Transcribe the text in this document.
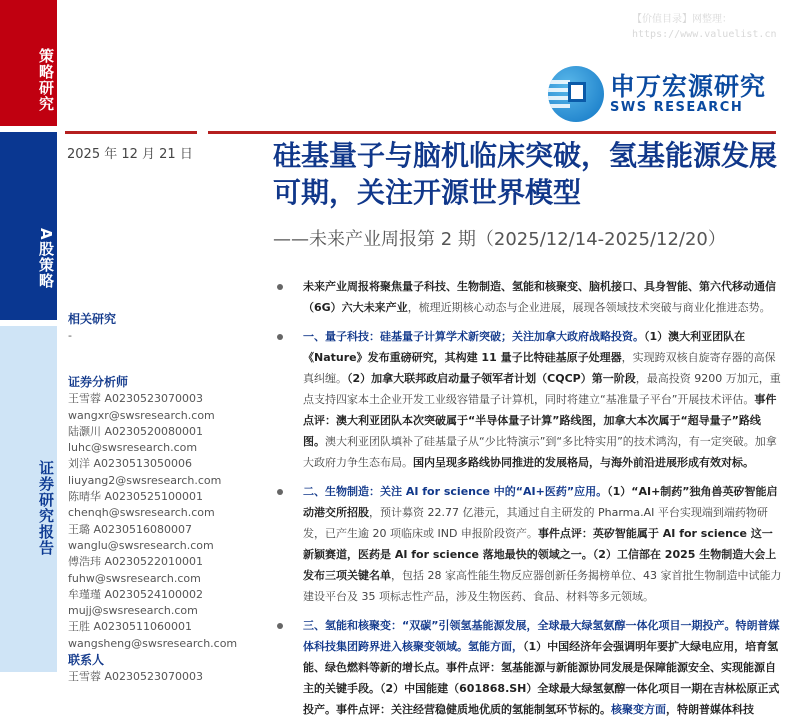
策略研究
A股策略
证券研究报告
【价值目录】网整理：
https://www.valuelist.cn
申万宏源研究
SWS RESEARCH
2025 年 12 月 21 日	硅基量子与脑机临床突破，氢基能源发展可期，关注开源世界模型
——未来产业周报第 2 期（2025/12/14-2025/12/20）
相关研究
-
证券分析师
王雪蓉 A0230523070003
wangxr@swsresearch.com
陆灏川 A0230520080001
luhc@swsresearch.com
刘洋 A0230513050006
liuyang2@swsresearch.com
陈晴华 A0230525100001
chenqh@swsresearch.com
王璐 A0230516080007
wanglu@swsresearch.com
傅浩玮 A0230522010001
fuhw@swsresearch.com
牟瑾瑾 A0230524100002
mujj@swsresearch.com
王胜 A0230511060001
wangsheng@swsresearch.com
联系人
王雪蓉 A0230523070003
未来产业周报将聚焦量子科技、生物制造、氢能和核聚变、脑机接口、具身智能、第六代移动通信（6G）六大未来产业，梳理近期核心动态与企业进展，展现各领域技术突破与商业化推进态势。
一、量子科技：硅基量子计算学术新突破；关注加拿大政府战略投资。（1）澳大利亚团队在《Nature》发布重磅研究，其构建 11 量子比特硅基原子处理器，实现跨双核自旋寄存器的高保真纠缠。（2）加拿大联邦政启动量子领军者计划（CQCP）第一阶段，最高投资 9200 万加元，重点支持四家本土企业开发工业级容错量子计算机，同时将建立“基准量子平台”开展技术评估。事件点评：澳大利亚团队本次突破属于“半导体量子计算”路线图，加拿大本次属于“超导量子”路线图。澳大利亚团队填补了硅基量子从“少比特演示”到“多比特实用”的技术鸿沟，有一定突破。加拿大政府力争生态布局。国内呈现多路线协同推进的发展格局，与海外前沿进展形成有效对标。
二、生物制造：关注 AI for science 中的“AI+医药”应用。（1）“AI+制药”独角兽英矽智能启动港交所招股，预计募资 22.77 亿港元，其通过自主研发的 Pharma.AI 平台实现端到端药物研发，已产生逾 20 项临床或 IND 申报阶段资产。事件点评：英矽智能属于 AI for science 这一新颖赛道，医药是 AI for science 落地最快的领域之一。（2）工信部在 2025 生物制造大会上发布三项关键名单，包括 28 家高性能生物反应器创新任务揭榜单位、43 家首批生物制造中试能力建设平台及 35 项标志性产品，涉及生物医药、食品、材料等多元领域。
三、氢能和核聚变：“双碳”引领氢基能源发展，全球最大绿氢氨醇一体化项目一期投产。特朗普媒体科技集团跨界进入核聚变领域。氢能方面，（1）中国经济年会强调明年要扩大绿电应用，培育氢能、绿色燃料等新的增长点。事件点评：氢基能源与新能源协同发展是保障能源安全、实现能源自主的关键手段。（2）中国能建（601868.SH）全球最大绿氢氨醇一体化项目一期在吉林松原正式投产。事件点评：关注经营稳健质地优质的氢能制氢环节标的。核聚变方面，特朗普媒体科技
